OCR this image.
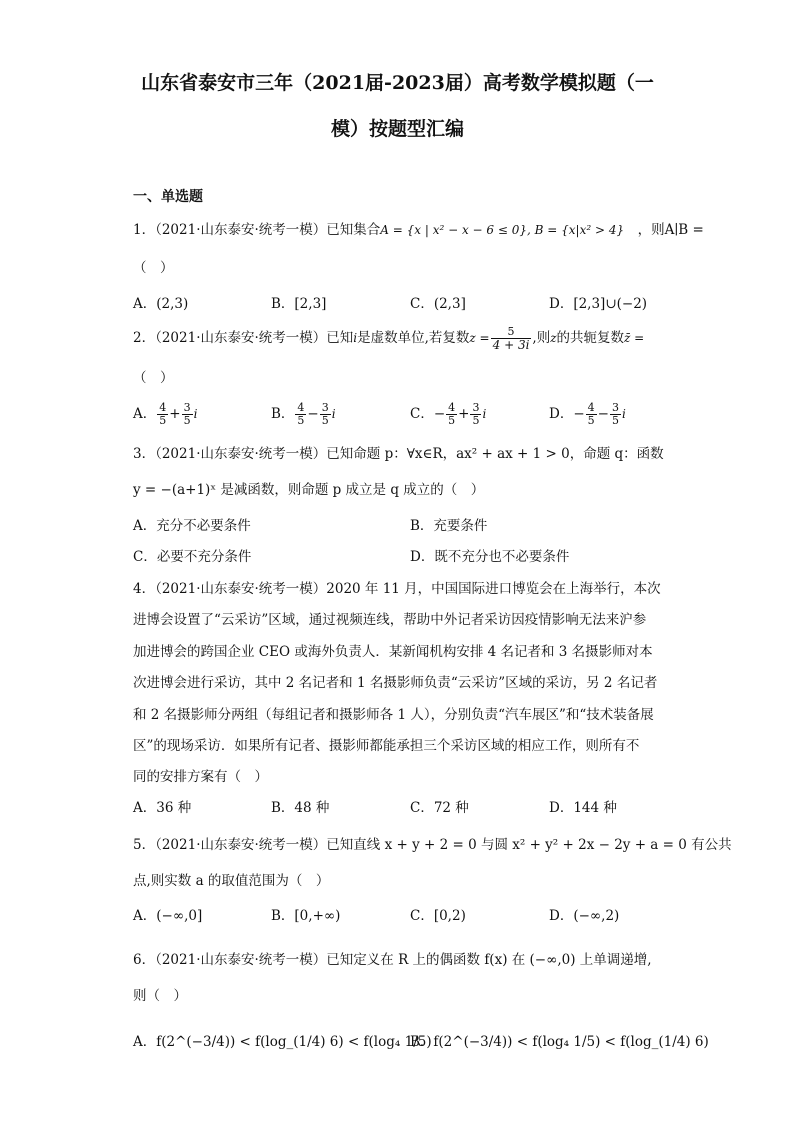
山东省泰安市三年（2021届-2023届）高考数学模拟题（一
模）按题型汇编
一、单选题
1．（2021·山东泰安·统考一模）已知集合A = {x | x² − x − 6 ≤ 0}, B = {x|x² > 4}　 ，则A∣B =
（　）
A．(2,3)	B．[2,3]	C．(2,3]	D．[2,3]∪(−2)
2．（2021·山东泰安·统考一模）已知i是虚数单位,若复数$z = \frac{5}{4 + 3i}$ ,则z的共轭复数z̄ =
（　）
A． $\frac{4}{5} + \frac{3}{5}$ i	B． $\frac{4}{5} - \frac{3}{5}$ i	C．− $\frac{4}{5} + \frac{3}{5}$ i	D．− $\frac{4}{5} - \frac{3}{5}$ i
3．（2021·山东泰安·统考一模）已知命题 p：∀x∈R，ax² + ax + 1 > 0，命题 q：函数
y = −(a+1)ˣ 是减函数，则命题 p 成立是 q 成立的（　）
A．充分不必要条件	B．充要条件
C．必要不充分条件	D．既不充分也不必要条件
4．（2021·山东泰安·统考一模）2020 年 11 月，中国国际进口博览会在上海举行，本次
进博会设置了“云采访”区域，通过视频连线，帮助中外记者采访因疫情影响无法来沪参
加进博会的跨国企业 CEO 或海外负责人．某新闻机构安排 4 名记者和 3 名摄影师对本
次进博会进行采访，其中 2 名记者和 1 名摄影师负责“云采访”区域的采访，另 2 名记者
和 2 名摄影师分两组（每组记者和摄影师各 1 人），分别负责“汽车展区”和“技术装备展
区”的现场采访．如果所有记者、摄影师都能承担三个采访区域的相应工作，则所有不
同的安排方案有（　）
A．36 种	B．48 种	C．72 种	D．144 种
5．（2021·山东泰安·统考一模）已知直线 x + y + 2 = 0 与圆 x² + y² + 2x − 2y + a = 0 有公共
点,则实数 a 的取值范围为（　）
A．(−∞,0]	B．[0,+∞)	C．[0,2)	D．(−∞,2)
6．（2021·山东泰安·统考一模）已知定义在 R 上的偶函数 f(x) 在 (−∞,0) 上单调递增,
则（　）
A．f(2^(−3/4)) < f(log_(1/4) 6) < f(log₄ 1/5)
B．f(2^(−3/4)) < f(log₄ 1/5) < f(log_(1/4) 6)
